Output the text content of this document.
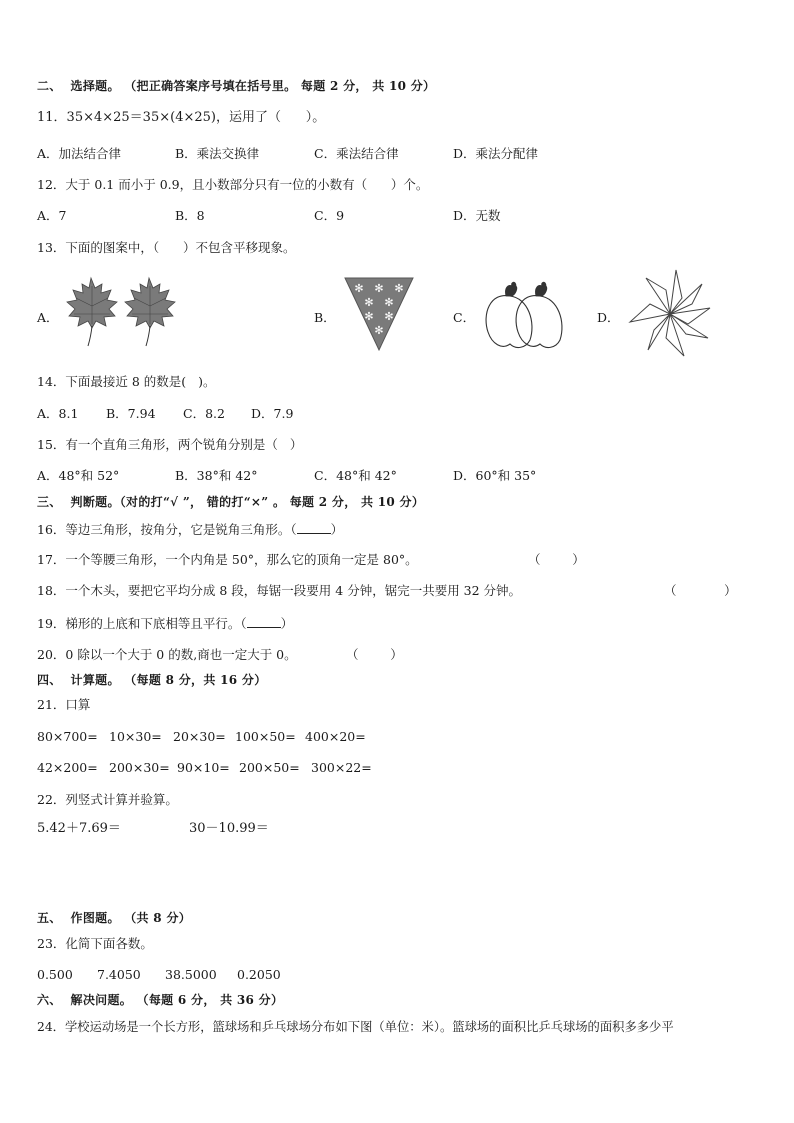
二、  选择题。 （把正确答案序号填在括号里。 每题 2 分， 共 10 分）
11．35×4×25＝35×(4×25)，运用了（      ）。
A．加法结合律	B．乘法交换律	C．乘法结合律	D．乘法分配律
12．大于 0.1 而小于 0.9，且小数部分只有一位的小数有（      ）个。
A．7	B．8	C．9	D．无数
13．下面的图案中，（      ）不包含平移现象。
A．	B．	C．	D．
✻ ✻ ✻
✻ ✻
✻ ✻
✻
14．下面最接近 8 的数是(   )。
A．8.1 B．7.94 C．8.2 D．7.9
15．有一个直角三角形，两个锐角分别是（   ）
A．48°和 52°	B．38°和 42°	C．48°和 42°	D．60°和 35°
三、  判断题。（对的打“√ ”， 错的打“×” 。 每题 2 分， 共 10 分）
16．等边三角形，按角分，它是锐角三角形。（	）
17．一个等腰三角形，一个内角是 50°，那么它的顶角一定是 80°。	（        ）
18．一个木头，要把它平均分成 8 段，每锯一段要用 4 分钟，锯完一共要用 32 分钟。	（            ）
19．梯形的上底和下底相等且平行。（	）
20．0 除以一个大于 0 的数,商也一定大于 0。	（        ）
四、  计算题。 （每题 8 分，共 16 分）
21．口算
80×700= 10×30= 20×30= 100×50= 400×20=
42×200= 200×30= 90×10= 200×50= 300×22=
22．列竖式计算并验算。
5.42＋7.69＝	30－10.99＝
五、  作图题。 （共 8 分）
23．化简下面各数。
0.500 7.4050 38.5000 0.2050
六、  解决问题。 （每题 6 分， 共 36 分）
24．学校运动场是一个长方形，篮球场和乒乓球场分布如下图（单位：米）。篮球场的面积比乒乓球场的面积多多少平
